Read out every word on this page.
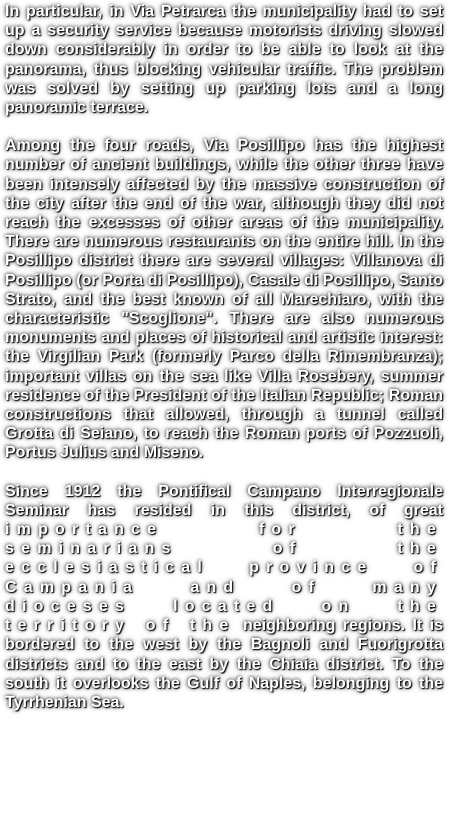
In particular, in Via Petrarca the municipality had to set up a security service because motorists driving slowed down considerably in order to be able to look at the panorama, thus blocking vehicular traffic. The problem was solved by setting up parking lots and a long panoramic terrace.

Among the four roads, Via Posillipo has the highest number of ancient buildings, while the other three have been intensely affected by the massive construction of the city after the end of the war, although they did not reach the excesses of other areas of the municipality. There are numerous restaurants on the entire hill. In the Posillipo district there are several villages: Villanova di Posillipo (or Porta di Posillipo), Casale di Posillipo, Santo Strato, and the best known of all Marechiaro, with the characteristic "Scoglione". There are also numerous monuments and places of historical and artistic interest: the Virgilian Park (formerly Parco della Rimembranza); important villas on the sea like Villa Rosebery, summer residence of the President of the Italian Republic; Roman constructions that allowed, through a tunnel called Grotta di Seiano, to reach the Roman ports of Pozzuoli, Portus Julius and Miseno.

Since 1912 the Pontifical Campano Interregionale Seminar has resided in this district, of great importance for the seminarians of the ecclesiastical province of Campania and of many dioceses located on the territory of the neighboring regions. It is bordered to the west by the Bagnoli and Fuorigrotta districts and to the east by the Chiaia district. To the south it overlooks the Gulf of Naples, belonging to the Tyrrhenian Sea.
